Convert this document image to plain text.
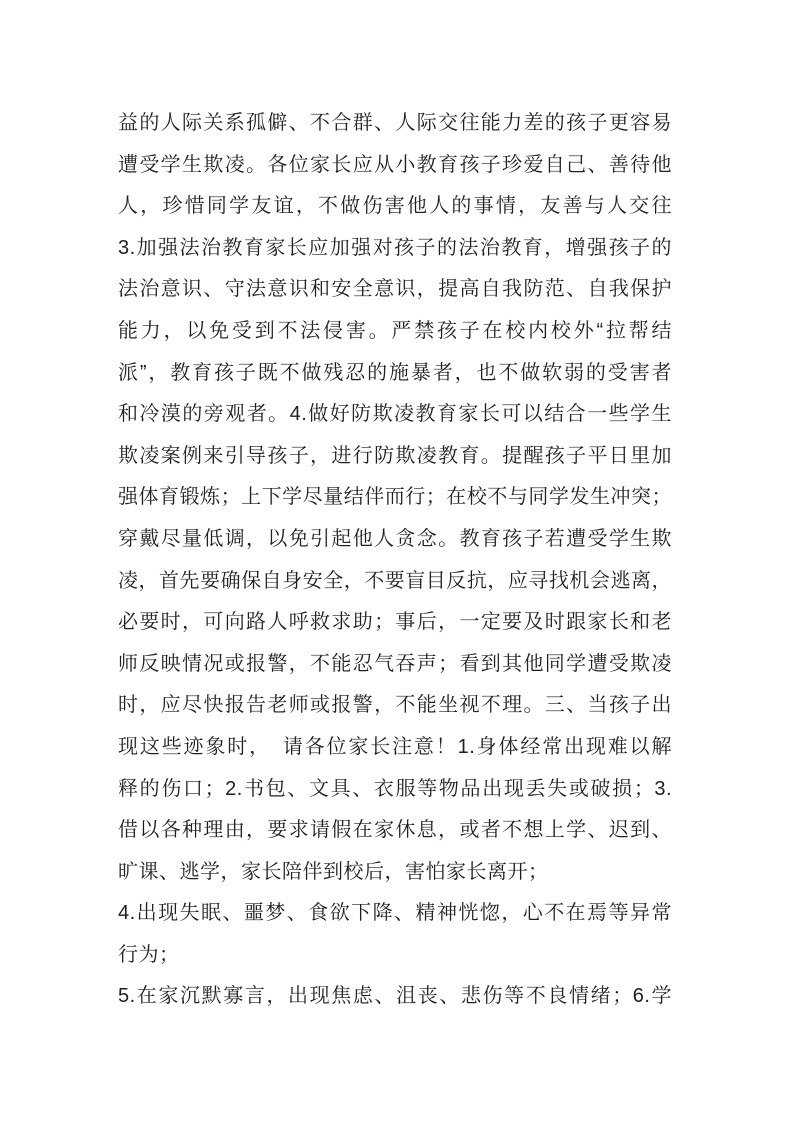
益的人际关系孤僻、不合群、人际交往能力差的孩子更容易
遭受学生欺凌。各位家长应从小教育孩子珍爱自己、善待他
人，珍惜同学友谊，不做伤害他人的事情，友善与人交往
3.加强法治教育家长应加强对孩子的法治教育，增强孩子的
法治意识、守法意识和安全意识，提高自我防范、自我保护
能力，以免受到不法侵害。严禁孩子在校内校外“拉帮结
派”，教育孩子既不做残忍的施暴者，也不做软弱的受害者
和冷漠的旁观者。4.做好防欺凌教育家长可以结合一些学生
欺凌案例来引导孩子，进行防欺凌教育。提醒孩子平日里加
强体育锻炼；上下学尽量结伴而行；在校不与同学发生冲突；
穿戴尽量低调，以免引起他人贪念。教育孩子若遭受学生欺
凌，首先要确保自身安全，不要盲目反抗，应寻找机会逃离，
必要时，可向路人呼救求助；事后，一定要及时跟家长和老
师反映情况或报警，不能忍气吞声；看到其他同学遭受欺凌
时，应尽快报告老师或报警，不能坐视不理。三、当孩子出
现这些迹象时，　请各位家长注意！1.身体经常出现难以解
释的伤口；2.书包、文具、衣服等物品出现丢失或破损；3.
借以各种理由，要求请假在家休息，或者不想上学、迟到、
旷课、逃学，家长陪伴到校后，害怕家长离开；
4.出现失眠、噩梦、食欲下降、精神恍惚，心不在焉等异常
行为；
5.在家沉默寡言，出现焦虑、沮丧、悲伤等不良情绪；6.学
